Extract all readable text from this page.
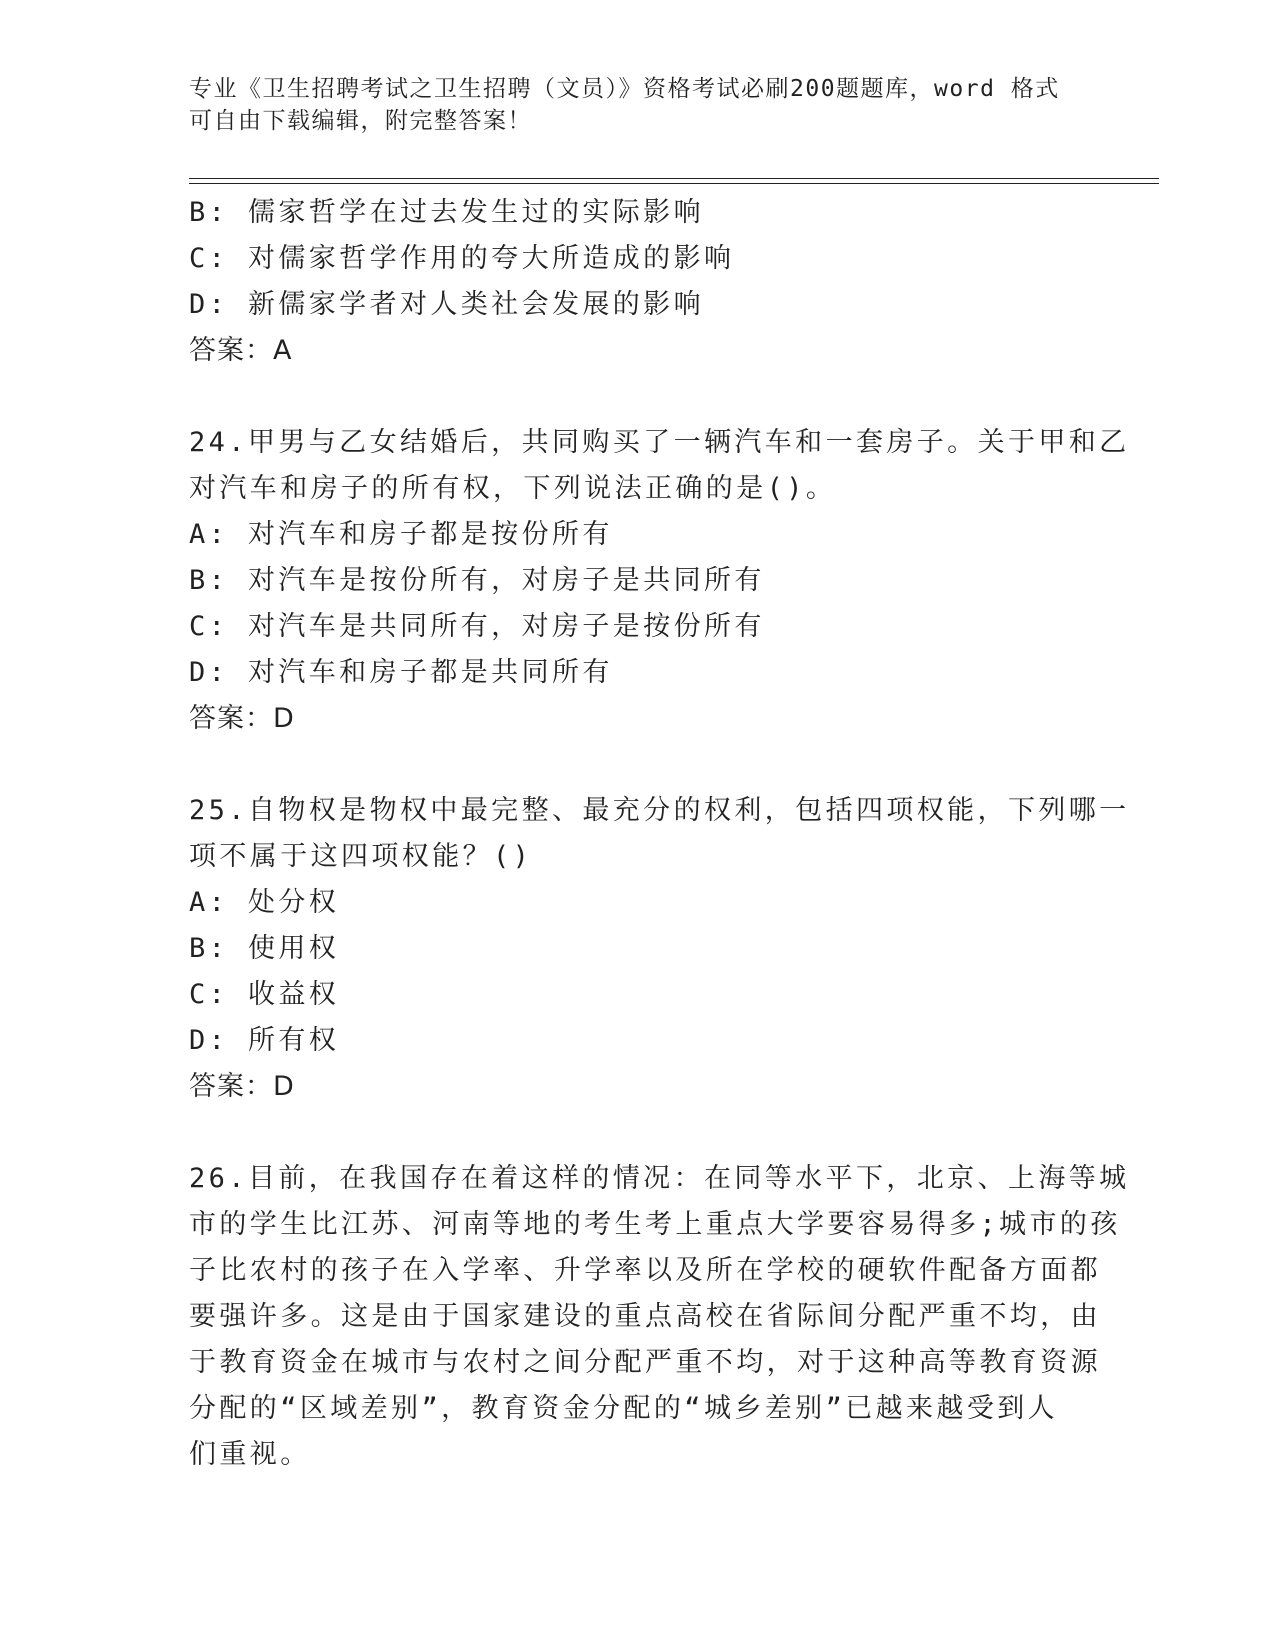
专业《卫生招聘考试之卫生招聘（文员）》资格考试必刷200题题库，word 格式
可自由下载编辑，附完整答案！
B: 儒家哲学在过去发生过的实际影响
C: 对儒家哲学作用的夸大所造成的影响
D: 新儒家学者对人类社会发展的影响
答案：A
24.甲男与乙女结婚后，共同购买了一辆汽车和一套房子。关于甲和乙
对汽车和房子的所有权，下列说法正确的是()。
A: 对汽车和房子都是按份所有
B: 对汽车是按份所有，对房子是共同所有
C: 对汽车是共同所有，对房子是按份所有
D: 对汽车和房子都是共同所有
答案：D
25.自物权是物权中最完整、最充分的权利，包括四项权能，下列哪一
项不属于这四项权能？()
A: 处分权
B: 使用权
C: 收益权
D: 所有权
答案：D
26.目前，在我国存在着这样的情况：在同等水平下，北京、上海等城
市的学生比江苏、河南等地的考生考上重点大学要容易得多;城市的孩
子比农村的孩子在入学率、升学率以及所在学校的硬软件配备方面都
要强许多。这是由于国家建设的重点高校在省际间分配严重不均，由
于教育资金在城市与农村之间分配严重不均，对于这种高等教育资源
分配的“区域差别”，教育资金分配的“城乡差别”已越来越受到人
们重视。
